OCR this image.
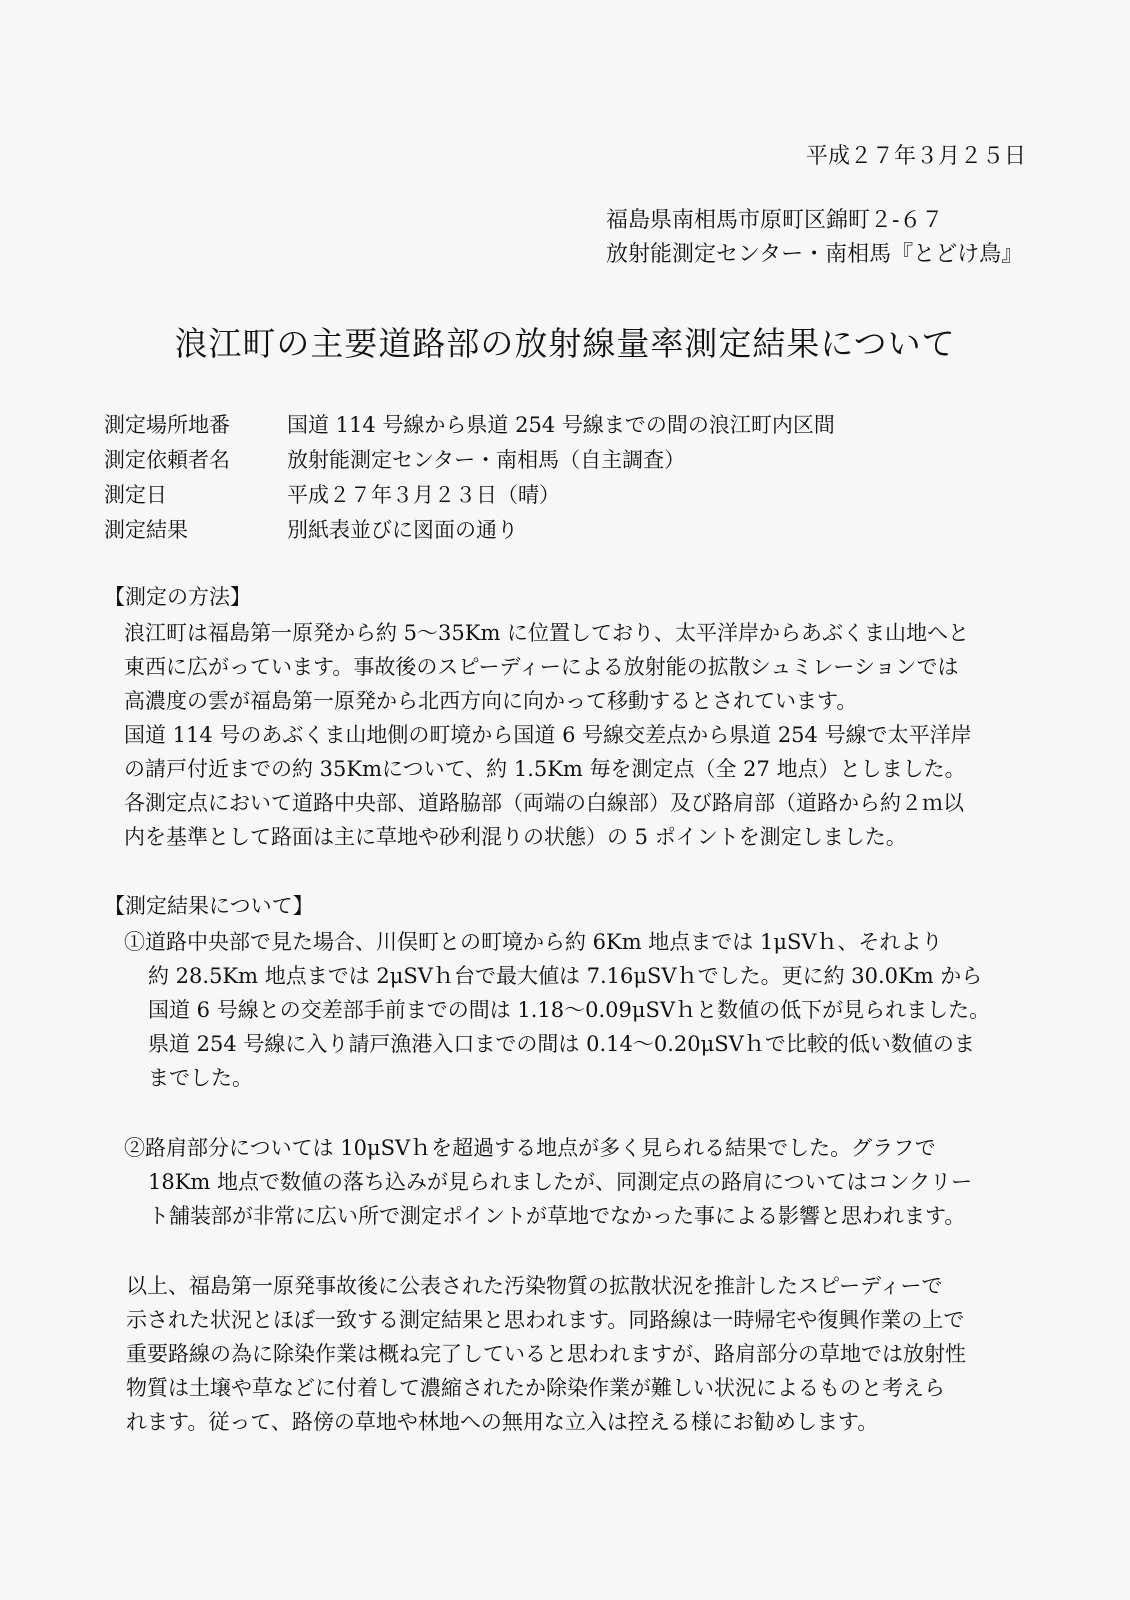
平成２７年３月２５日
福島県南相馬市原町区錦町２-６７
放射能測定センター・南相馬『とどけ鳥』
浪江町の主要道路部の放射線量率測定結果について
測定場所地番	国道 114 号線から県道 254 号線までの間の浪江町内区間
測定依頼者名	放射能測定センター・南相馬（自主調査）
測定日	平成２７年３月２３日（晴）
測定結果	別紙表並びに図面の通り
【測定の方法】
浪江町は福島第一原発から約 5～35Km に位置しており、太平洋岸からあぶくま山地へと
東西に広がっています。事故後のスピーディーによる放射能の拡散シュミレーションでは
高濃度の雲が福島第一原発から北西方向に向かって移動するとされています。
国道 114 号のあぶくま山地側の町境から国道 6 号線交差点から県道 254 号線で太平洋岸
の請戸付近までの約 35Kmについて、約 1.5Km 毎を測定点（全 27 地点）としました。
各測定点において道路中央部、道路脇部（両端の白線部）及び路肩部（道路から約２ｍ以
内を基準として路面は主に草地や砂利混りの状態）の 5 ポイントを測定しました。
【測定結果について】
①道路中央部で見た場合、川俣町との町境から約 6Km 地点までは 1μSVｈ、それより
約 28.5Km 地点までは 2μSVｈ台で最大値は 7.16μSVｈでした。更に約 30.0Km から
国道 6 号線との交差部手前までの間は 1.18～0.09μSVｈと数値の低下が見られました。
県道 254 号線に入り請戸漁港入口までの間は 0.14～0.20μSVｈで比較的低い数値のま
までした。
②路肩部分については 10μSVｈを超過する地点が多く見られる結果でした。グラフで
18Km 地点で数値の落ち込みが見られましたが、同測定点の路肩についてはコンクリー
ト舗装部が非常に広い所で測定ポイントが草地でなかった事による影響と思われます。
以上、福島第一原発事故後に公表された汚染物質の拡散状況を推計したスピーディーで
示された状況とほぼ一致する測定結果と思われます。同路線は一時帰宅や復興作業の上で
重要路線の為に除染作業は概ね完了していると思われますが、路肩部分の草地では放射性
物質は土壌や草などに付着して濃縮されたか除染作業が難しい状況によるものと考えら
れます。従って、路傍の草地や林地への無用な立入は控える様にお勧めします。
